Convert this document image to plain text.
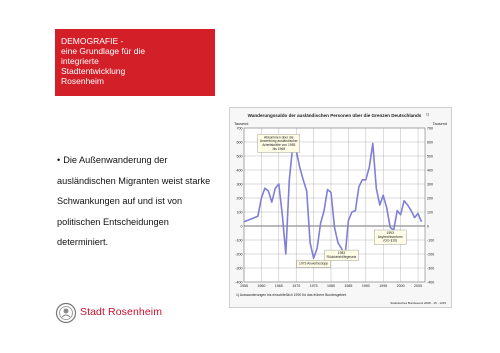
DEMOGRAFIE -
eine Grundlage für die
integrierte
Stadtentwicklung
Rosenheim

• Die Außenwanderung der

ausländischen Migranten weist starke

Schwankungen auf und ist von

politischen Entscheidungen

determiniert.

Wanderungssaldo der ausländischen Personen über die Grenzen Deutschlands 1)
Tausend	Tausend
-400	-400
-300	-300
-200	-200
-100	-100
0	0
100	100
200	200
300	300
400	400
500	500
600	600
700	700
1955	1960	1965	1970	1975	1980	1985	1990	1995	2000	2005
Abkommen über die Anwerbung ausländischer Arbeitskräfte von 1955 bis 1968
1973 Anwerbestopp
1983 Rückkehrhilfegesetz
1993 Asylrechtsreform (GG §16)
1) Auswanderungen bis einschließlich 1990 für das frühere Bundesgebiet.
Statistisches Bundesamt 2008 - 15 - 1315
Stadt Rosenheim
